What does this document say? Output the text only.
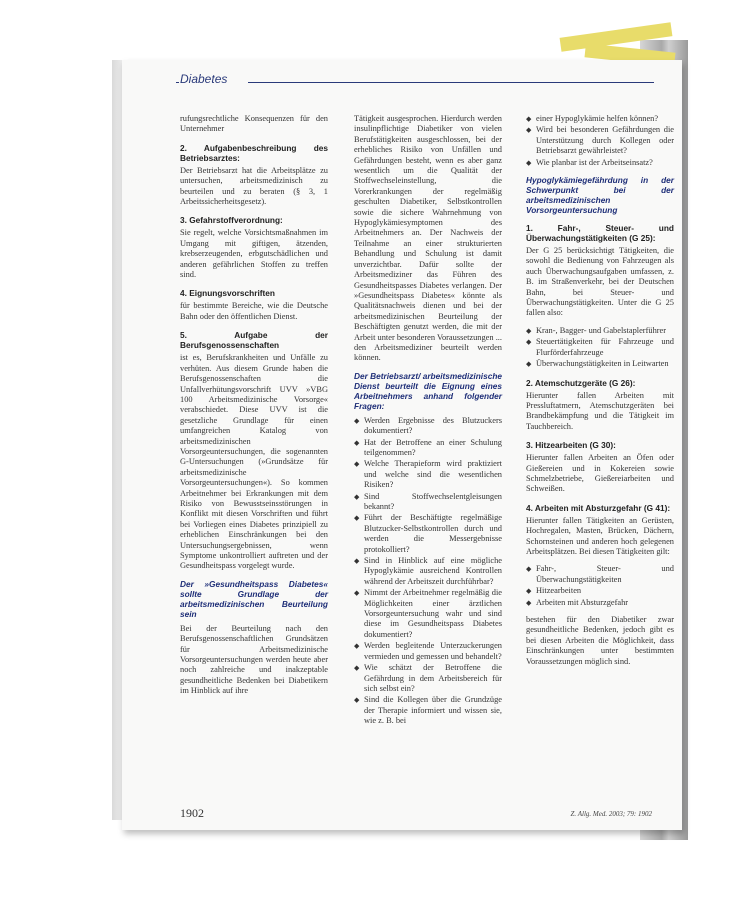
Diabetes

rufungsrechtliche Konsequenzen für den Unternehmer

2. Aufgabenbeschreibung des Betriebsarztes:

Der Betriebsarzt hat die Arbeitsplätze zu untersuchen, arbeitsmedizinisch zu beurteilen und zu beraten (§ 3, 1 Arbeitssicherheitsgesetz).

3. Gefahrstoffverordnung:

Sie regelt, welche Vorsichtsmaßnahmen im Umgang mit giftigen, ätzenden, krebserzeugenden, erbgutschädlichen und anderen gefährlichen Stoffen zu treffen sind.

4. Eignungsvorschriften

für bestimmte Bereiche, wie die Deutsche Bahn oder den öffentlichen Dienst.

5. Aufgabe der Berufsgenossenschaften

ist es, Berufskrankheiten und Unfälle zu verhüten. Aus diesem Grunde haben die Berufsgenossenschaften die Unfallverhütungsvorschrift UVV »VBG 100 Arbeitsmedizinische Vorsorge« verabschiedet. Diese UVV ist die gesetzliche Grundlage für einen umfangreichen Katalog von arbeitsmedizinischen Vorsorgeuntersuchungen, die sogenannten G-Untersuchungen (»Grundsätze für arbeitsmedizinische Vorsorgeuntersuchungen«). So kommen Arbeitnehmer bei Erkrankungen mit dem Risiko von Bewusstseinsstörungen in Konflikt mit diesen Vorschriften und führt bei Vorliegen eines Diabetes prinzipiell zu erheblichen Einschränkungen bei den Untersuchungsergebnissen, wenn Symptome unkontrolliert auftreten und der Gesundheitspass vorgelegt wurde.

Der »Gesundheitspass Diabetes« sollte Grundlage der arbeitsmedizinischen Beurteilung sein

Bei der Beurteilung nach den Berufsgenossenschaftlichen Grundsätzen für Arbeitsmedizinische Vorsorgeuntersuchungen werden heute aber noch zahlreiche und inakzeptable gesundheitliche Bedenken bei Diabetikern im Hinblick auf ihre

Tätigkeit ausgesprochen. Hierdurch werden insulinpflichtige Diabetiker von vielen Berufstätigkeiten ausgeschlossen, bei der erhebliches Risiko von Unfällen und Gefährdungen besteht, wenn es aber ganz wesentlich um die Qualität der Stoffwechseleinstellung, die Vorerkrankungen der regelmäßig geschulten Diabetiker, Selbstkontrollen sowie die sichere Wahrnehmung von Hypoglykämiesymptomen des Arbeitnehmers an. Der Nachweis der Teilnahme an einer strukturierten Behandlung und Schulung ist damit unverzichtbar. Dafür sollte der Arbeitsmediziner das Führen des Gesundheitspasses Diabetes verlangen. Der »Gesundheitspass Diabetes« könnte als Qualitätsnachweis dienen und bei der arbeitsmedizinischen Beurteilung der Beschäftigten genutzt werden, die mit der Arbeit unter besonderen Voraussetzungen ... den Arbeitsmediziner beurteilt werden können.

Der Betriebsarzt/ arbeitsmedizinische Dienst beurteilt die Eignung eines Arbeitnehmers anhand folgender Fragen:
◆ Werden Ergebnisse des Blutzuckers dokumentiert?
◆ Hat der Betroffene an einer Schulung teilgenommen?
◆ Welche Therapieform wird praktiziert und welche sind die wesentlichen Risiken?
◆ Sind Stoffwechselentgleisungen bekannt?
◆ Führt der Beschäftigte regelmäßige Blutzucker-Selbstkontrollen durch und werden die Messergebnisse protokolliert?
◆ Sind in Hinblick auf eine mögliche Hypoglykämie ausreichend Kontrollen während der Arbeitszeit durchführbar?
◆ Nimmt der Arbeitnehmer regelmäßig die Möglichkeiten einer ärztlichen Vorsorgeuntersuchung wahr und sind diese im Gesundheitspass Diabetes dokumentiert?
◆ Werden begleitende Unterzuckerungen vermieden und gemessen und behandelt?
◆ Wie schätzt der Betroffene die Gefährdung in dem Arbeitsbereich für sich selbst ein?
◆ Sind die Kollegen über die Grundzüge der Therapie informiert und wissen sie, wie z. B. bei
◆ einer Hypoglykämie helfen können?
◆ Wird bei besonderen Gefährdungen die Unterstützung durch Kollegen oder Betriebsarzt gewährleistet?
◆ Wie planbar ist der Arbeitseinsatz?
Hypoglykämiegefährdung in der Schwerpunkt bei der arbeitsmedizinischen Vorsorgeuntersuchung
1. Fahr-, Steuer- und Überwachungstätigkeiten (G 25):

Der G 25 berücksichtigt Tätigkeiten, die sowohl die Bedienung von Fahrzeugen als auch Überwachungsaufgaben umfassen, z. B. im Straßenverkehr, bei der Deutschen Bahn, bei Steuer- und Überwachungstätigkeiten. Unter die G 25 fallen also:

◆ Kran-, Bagger- und Gabelstaplerführer
◆ Steuertätigkeiten für Fahrzeuge und Flurförderfahrzeuge
◆ Überwachungstätigkeiten in Leitwarten
2. Atemschutzgeräte (G 26):

Hierunter fallen Arbeiten mit Pressluftatmern, Atemschutzgeräten bei Brandbekämpfung und die Tätigkeit im Tauchbereich.

3. Hitzearbeiten (G 30):

Hierunter fallen Arbeiten an Öfen oder Gießereien und in Kokereien sowie Schmelzbetriebe, Gießereiarbeiten und Schweißen.

4. Arbeiten mit Absturzgefahr (G 41):

Hierunter fallen Tätigkeiten an Gerüsten, Hochregalen, Masten, Brücken, Dächern, Schornsteinen und anderen hoch gelegenen Arbeitsplätzen. Bei diesen Tätigkeiten gilt:

◆ Fahr-, Steuer- und Überwachungstätigkeiten
◆ Hitzearbeiten
◆ Arbeiten mit Absturzgefahr

bestehen für den Diabetiker zwar gesundheitliche Bedenken, jedoch gibt es bei diesen Arbeiten die Möglichkeit, dass Einschränkungen unter bestimmten Voraussetzungen möglich sind.

1902	Z. Allg. Med. 2003; 79: 1902
